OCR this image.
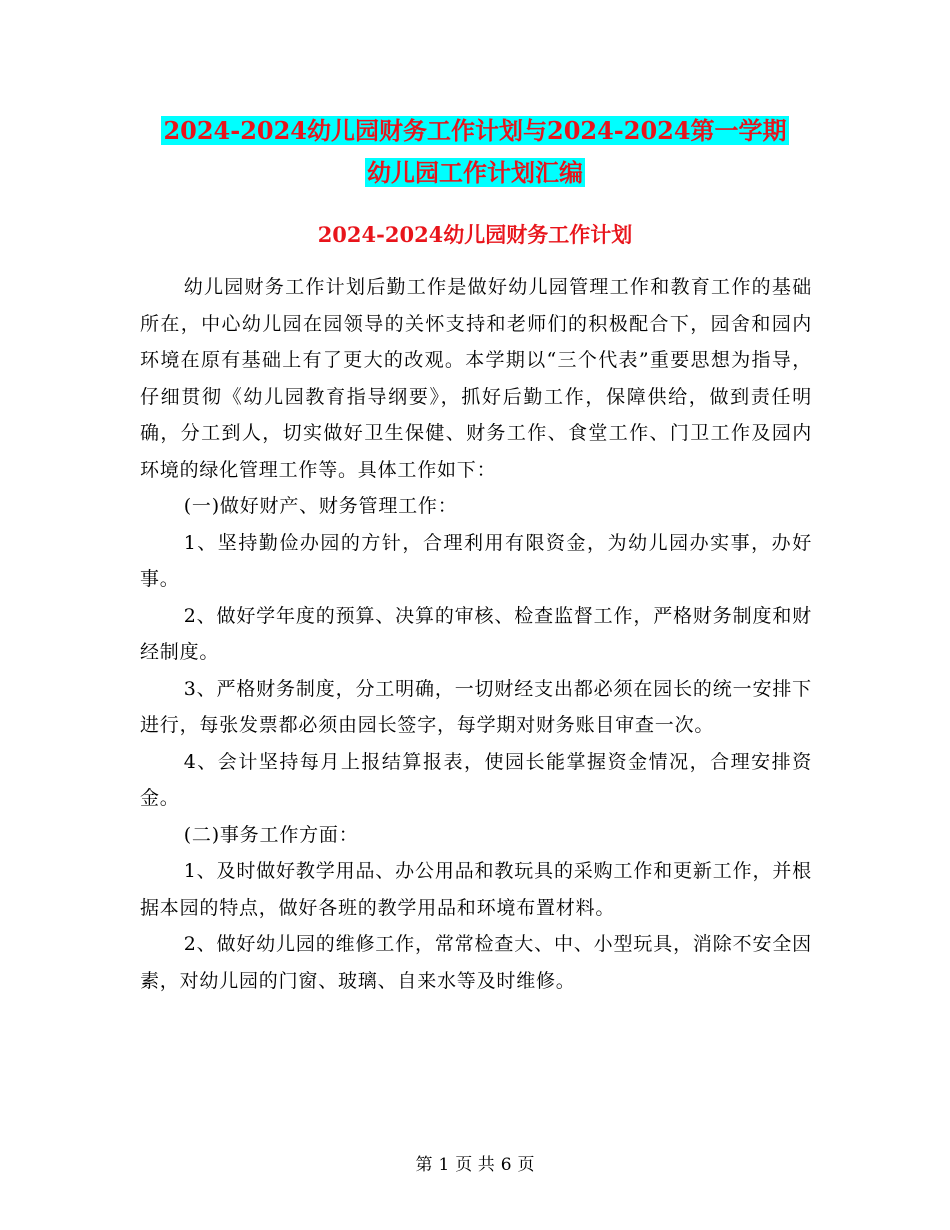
2024-2024幼儿园财务工作计划与2024-2024第一学期
幼儿园工作计划汇编
2024-2024幼儿园财务工作计划

幼儿园财务工作计划后勤工作是做好幼儿园管理工作和教育工作的基础所在，中心幼儿园在园领导的关怀支持和老师们的积极配合下，园舍和园内环境在原有基础上有了更大的改观。本学期以“三个代表”重要思想为指导，仔细贯彻《幼儿园教育指导纲要》，抓好后勤工作，保障供给，做到责任明确，分工到人，切实做好卫生保健、财务工作、食堂工作、门卫工作及园内环境的绿化管理工作等。具体工作如下：

(一)做好财产、财务管理工作：

1、坚持勤俭办园的方针，合理利用有限资金，为幼儿园办实事，办好事。

2、做好学年度的预算、决算的审核、检查监督工作，严格财务制度和财经制度。

3、严格财务制度，分工明确，一切财经支出都必须在园长的统一安排下进行，每张发票都必须由园长签字，每学期对财务账目审查一次。

4、会计坚持每月上报结算报表，使园长能掌握资金情况，合理安排资金。

(二)事务工作方面：

1、及时做好教学用品、办公用品和教玩具的采购工作和更新工作，并根据本园的特点，做好各班的教学用品和环境布置材料。

2、做好幼儿园的维修工作，常常检查大、中、小型玩具，消除不安全因素，对幼儿园的门窗、玻璃、自来水等及时维修。

第 1 页 共 6 页
